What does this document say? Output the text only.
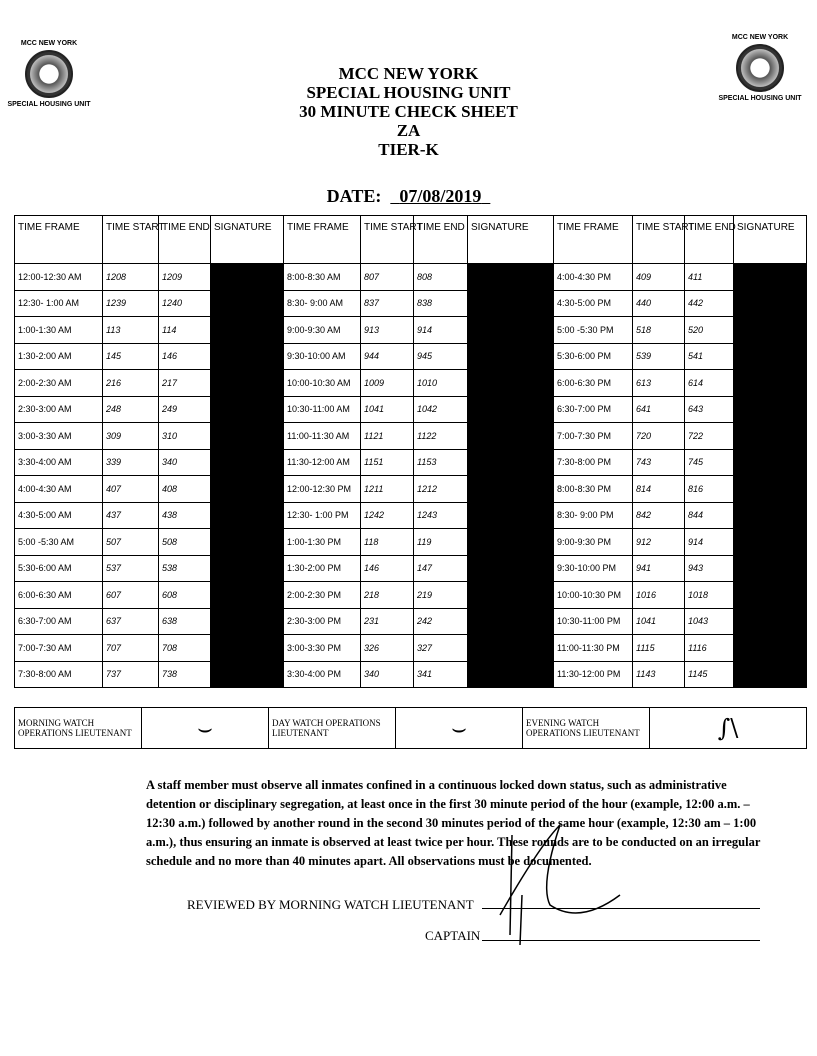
MCC NEW YORK
SPECIAL HOUSING UNIT
MCC NEW YORK
SPECIAL HOUSING UNIT
MCC NEW YORK
SPECIAL HOUSING UNIT
30 MINUTE CHECK SHEET
ZA
TIER-K
DATE: 07/08/2019
TIME FRAME	TIME START	TIME END	SIGNATURE	TIME FRAME	TIME START	TIME END	SIGNATURE	TIME FRAME	TIME START	TIME END	SIGNATURE
12:00-12:30 AM	1208	1209		8:00-8:30 AM	807	808		4:00-4:30 PM	409	411	
12:30- 1:00 AM	1239	1240		8:30- 9:00 AM	837	838		4:30-5:00 PM	440	442	
1:00-1:30 AM	113	114		9:00-9:30 AM	913	914		5:00 -5:30 PM	518	520	
1:30-2:00 AM	145	146		9:30-10:00 AM	944	945		5:30-6:00 PM	539	541	
2:00-2:30 AM	216	217		10:00-10:30 AM	1009	1010		6:00-6:30 PM	613	614	
2:30-3:00 AM	248	249		10:30-11:00 AM	1041	1042		6:30-7:00 PM	641	643	
3:00-3:30 AM	309	310		11:00-11:30 AM	1121	1122		7:00-7:30 PM	720	722	
3:30-4:00 AM	339	340		11:30-12:00 AM	1151	1153		7:30-8:00 PM	743	745	
4:00-4:30 AM	407	408		12:00-12:30 PM	1211	1212		8:00-8:30 PM	814	816	
4:30-5:00 AM	437	438		12:30- 1:00 PM	1242	1243		8:30- 9:00 PM	842	844	
5:00 -5:30 AM	507	508		1:00-1:30 PM	118	119		9:00-9:30 PM	912	914	
5:30-6:00 AM	537	538		1:30-2:00 PM	146	147		9:30-10:00 PM	941	943	
6:00-6:30 AM	607	608		2:00-2:30 PM	218	219		10:00-10:30 PM	1016	1018	
6:30-7:00 AM	637	638		2:30-3:00 PM	231	242		10:30-11:00 PM	1041	1043	
7:00-7:30 AM	707	708		3:00-3:30 PM	326	327		11:00-11:30 PM	1115	1116	
7:30-8:00 AM	737	738		3:30-4:00 PM	340	341		11:30-12:00 PM	1143	1145	
MORNING WATCH OPERATIONS LIEUTENANT	⌣	DAY WATCH OPERATIONS LIEUTENANT	⌣	EVENING WATCH OPERATIONS LIEUTENANT	∫\
A staff member must observe all inmates confined in a continuous locked down status, such as administrative detention or disciplinary segregation, at least once in the first 30 minute period of the hour (example, 12:00 a.m. – 12:30 a.m.) followed by another round in the second 30 minutes period of the same hour (example, 12:30 am – 1:00 a.m.), thus ensuring an inmate is observed at least twice per hour. These rounds are to be conducted on an irregular schedule and no more than 40 minutes apart. All observations must be documented.
REVIEWED BY MORNING WATCH LIEUTENANT
CAPTAIN
